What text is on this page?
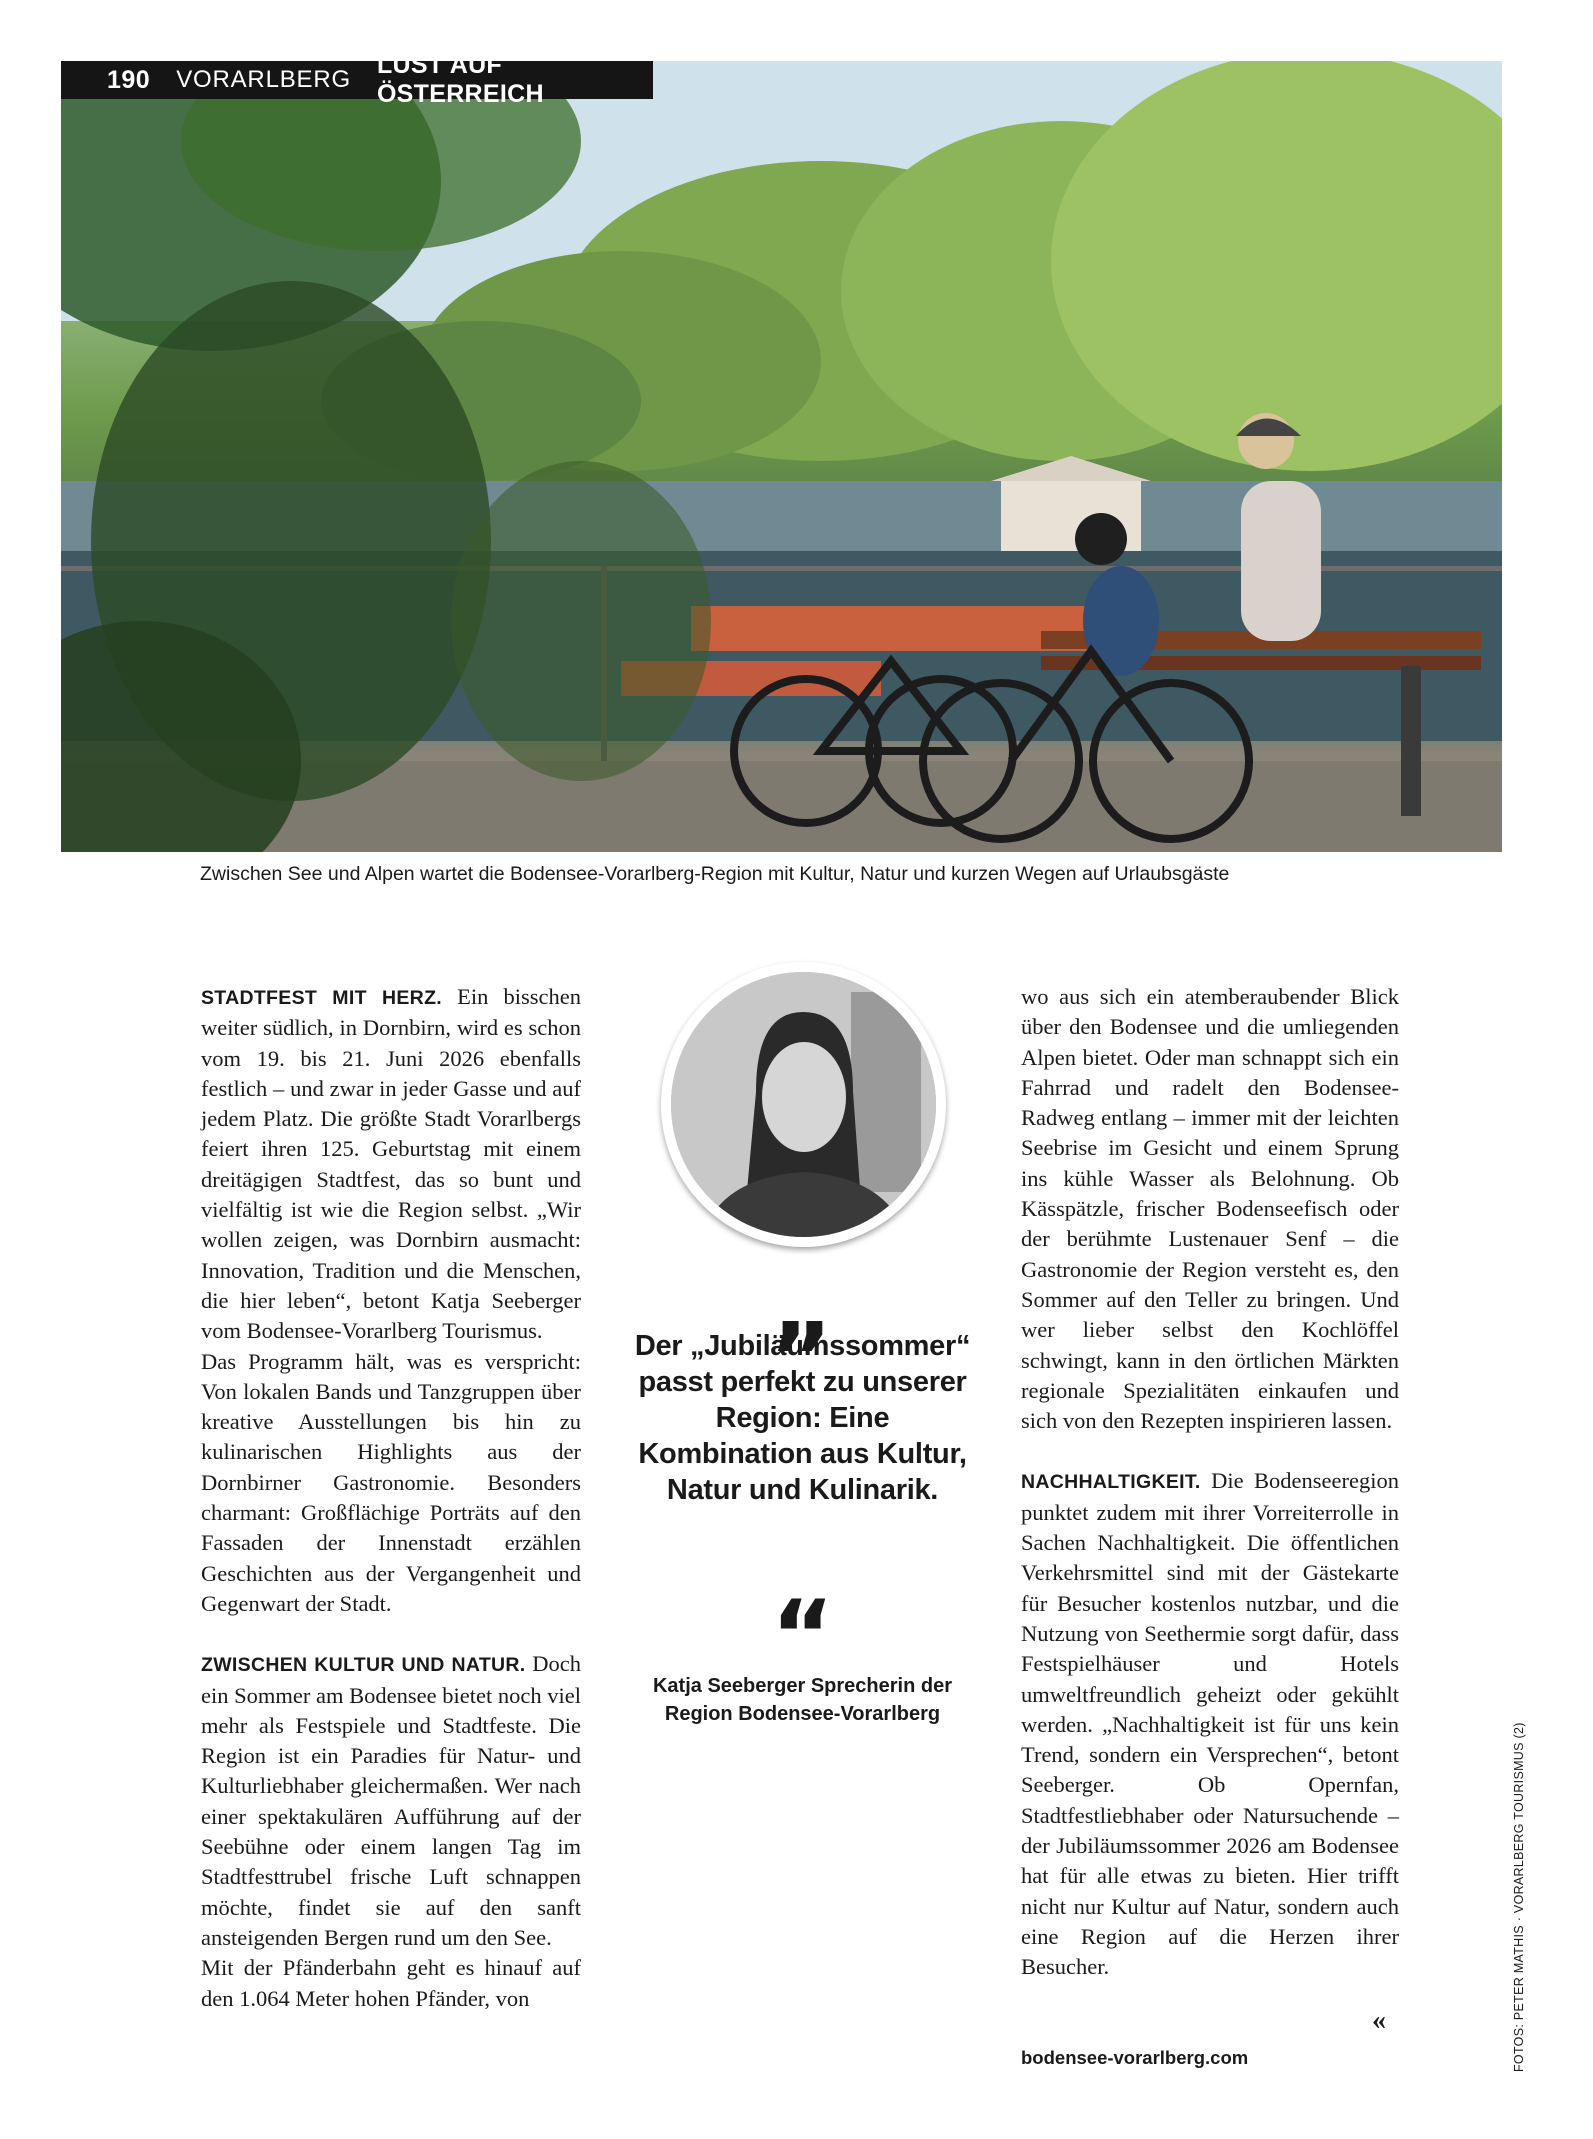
190 VORARLBERG
LUST AUF ÖSTERREICH
Zwischen See und Alpen wartet die Bodensee-Vorarlberg-Region mit Kultur, Natur und kurzen Wegen auf Urlaubsgäste

STADTFEST MIT HERZ. Ein bisschen weiter südlich, in Dornbirn, wird es schon vom 19. bis 21. Juni 2026 ebenfalls festlich – und zwar in jeder Gasse und auf jedem Platz. Die größte Stadt Vorarlbergs feiert ihren 125. Geburtstag mit einem dreitägigen Stadtfest, das so bunt und vielfältig ist wie die Region selbst. „Wir wollen zeigen, was Dornbirn ausmacht: Innovation, Tradition und die Menschen, die hier leben“, betont Katja Seeberger vom Bodensee-Vorarlberg Tourismus.

Das Programm hält, was es verspricht: Von lokalen Bands und Tanzgruppen über kreative Ausstellungen bis hin zu kulinarischen Highlights aus der Dornbirner Gastronomie. Besonders charmant: Großflächige Porträts auf den Fassaden der Innenstadt erzählen Geschichten aus der Vergangenheit und Gegenwart der Stadt.

ZWISCHEN KULTUR UND NATUR. Doch ein Sommer am Bodensee bietet noch viel mehr als Festspiele und Stadtfeste. Die Region ist ein Paradies für Natur- und Kulturliebhaber gleichermaßen. Wer nach einer spektakulären Aufführung auf der Seebühne oder einem langen Tag im Stadtfesttrubel frische Luft schnappen möchte, findet sie auf den sanft ansteigenden Bergen rund um den See.

Mit der Pfänderbahn geht es hinauf auf den 1.064 Meter hohen Pfänder, von

„
Der „Jubiläumssommer“ passt perfekt zu unserer Region: Eine Kombination aus Kultur, Natur und Kulinarik.
“
Katja Seeberger Sprecherin der Region Bodensee-Vorarlberg

wo aus sich ein atemberaubender Blick über den Bodensee und die umliegenden Alpen bietet. Oder man schnappt sich ein Fahrrad und radelt den Bodensee-Radweg entlang – immer mit der leichten Seebrise im Gesicht und einem Sprung ins kühle Wasser als Belohnung. Ob Kässpätzle, frischer Bodenseefisch oder der berühmte Lustenauer Senf – die Gastronomie der Region versteht es, den Sommer auf den Teller zu bringen. Und wer lieber selbst den Kochlöffel schwingt, kann in den örtlichen Märkten regionale Spezialitäten einkaufen und sich von den Rezepten inspirieren lassen.

NACHHALTIGKEIT. Die Bodenseeregion punktet zudem mit ihrer Vorreiterrolle in Sachen Nachhaltigkeit. Die öffentlichen Verkehrsmittel sind mit der Gästekarte für Besucher kostenlos nutzbar, und die Nutzung von Seethermie sorgt dafür, dass Festspielhäuser und Hotels umweltfreundlich geheizt oder gekühlt werden. „Nachhaltigkeit ist für uns kein Trend, sondern ein Versprechen“, betont Seeberger. Ob Opernfan, Stadtfestliebhaber oder Natursuchende – der Jubiläumssommer 2026 am Bodensee hat für alle etwas zu bieten. Hier trifft nicht nur Kultur auf Natur, sondern auch eine Region auf die Herzen ihrer Besucher.

«
bodensee-vorarlberg.com	FOTOS: PETER MATHIS · VORARLBERG TOURISMUS (2)
